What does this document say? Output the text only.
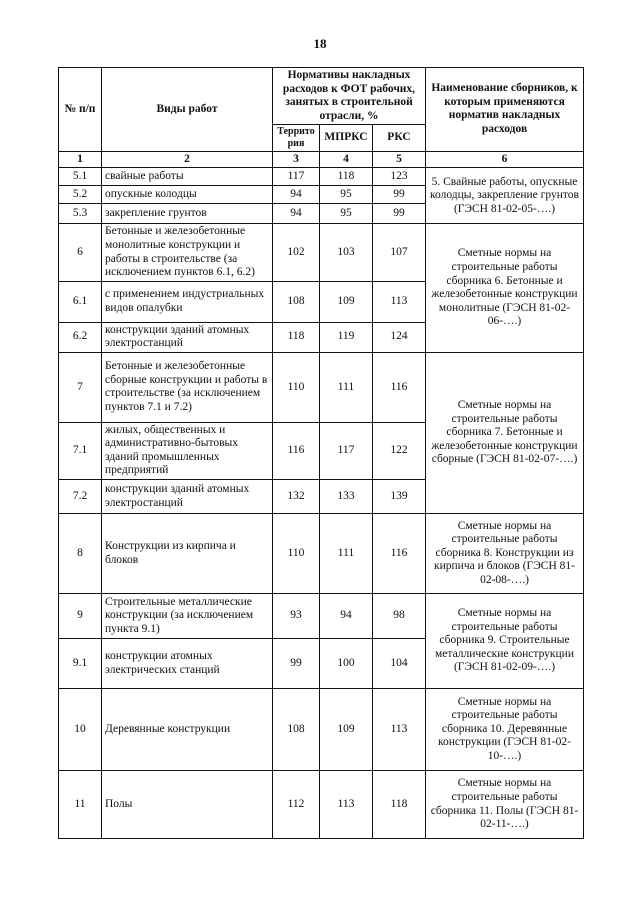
18
№ п/п	Виды работ	Нормативы накладных расходов к ФОТ рабочих, занятых в строительной отрасли, %			Наименование сборников, к которым применяются норматив накладных расходов
		Террито рия	МПРКС	РКС	
1	2	3	4	5	6
5.1	свайные работы	117	118	123	5. Свайные работы, опускные колодцы, закрепление грунтов (ГЭСН 81-02-05-….)
5.2	опускные колодцы	94	95	99	
5.3	закрепление грунтов	94	95	99	
6	Бетонные и железобетонные монолитные конструкции и работы в строительстве (за исключением пунктов 6.1, 6.2)	102	103	107	Сметные нормы на строительные работы сборника 6. Бетонные и железобетонные конструкции монолитные (ГЭСН 81-02-06-….)
6.1	с применением индустриальных видов опалубки	108	109	113	
6.2	конструкции зданий атомных электростанций	118	119	124	
7	Бетонные и железобетонные сборные конструкции и работы в строительстве (за исключением пунктов 7.1 и 7.2)	110	111	116	Сметные нормы на строительные работы сборника 7. Бетонные и железобетонные конструкции сборные (ГЭСН 81-02-07-….)
7.1	жилых, общественных и административно-бытовых зданий промышленных предприятий	116	117	122	
7.2	конструкции зданий атомных электростанций	132	133	139	
8	Конструкции из кирпича и блоков	110	111	116	Сметные нормы на строительные работы сборника 8. Конструкции из кирпича и блоков (ГЭСН 81-02-08-….)
9	Строительные металлические конструкции (за исключением пункта 9.1)	93	94	98	Сметные нормы на строительные работы сборника 9. Строительные металлические конструкции (ГЭСН 81-02-09-….)
9.1	конструкции атомных электрических станций	99	100	104	
10	Деревянные конструкции	108	109	113	Сметные нормы на строительные работы сборника 10. Деревянные конструкции (ГЭСН 81-02-10-….)
11	Полы	112	113	118	Сметные нормы на строительные работы сборника 11. Полы (ГЭСН 81-02-11-….)
